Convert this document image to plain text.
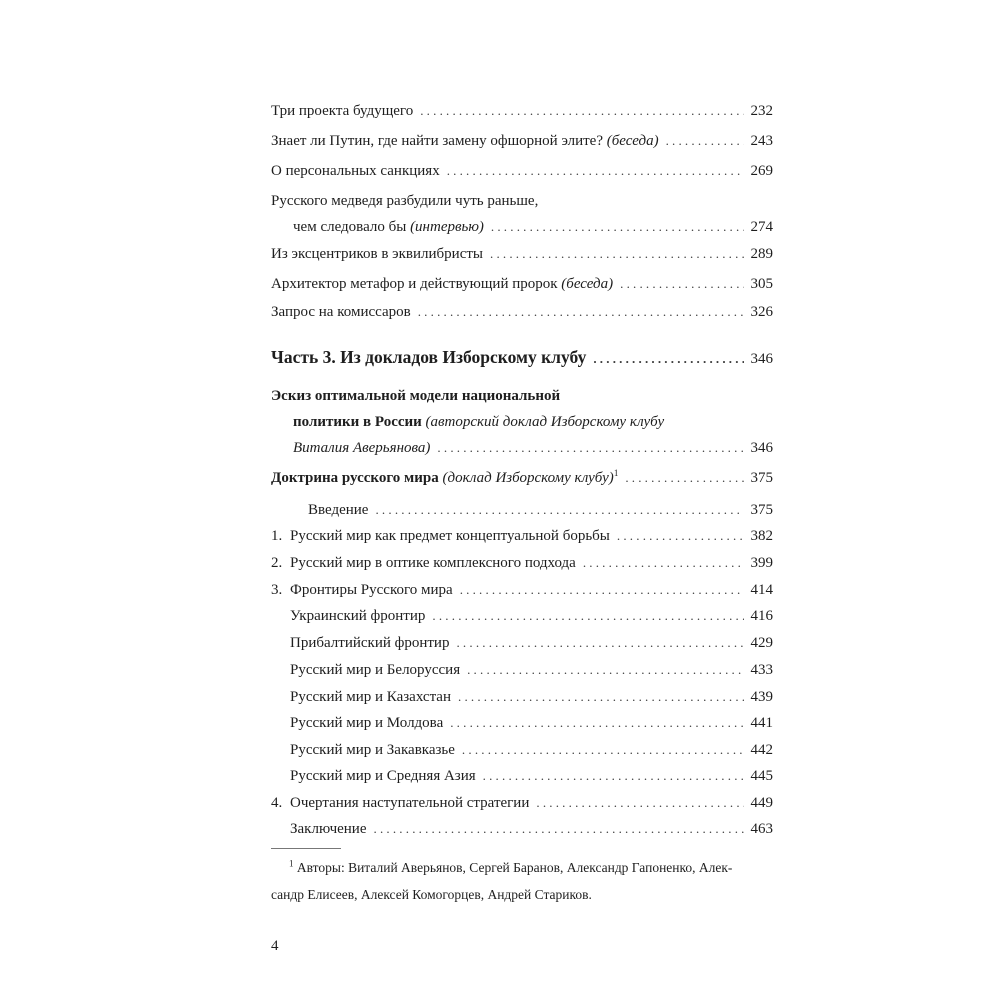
Три проекта будущего .....	232
Знает ли Путин, где найти замену офшорной элите? (беседа) .....	243
О персональных санкциях .....	269
Русского медведя разбудили чуть раньше,
чем следовало бы (интервью) .....	274
Из эксцентриков в эквилибристы .....	289
Архитектор метафор и действующий пророк (беседа) .....	305
Запрос на комиссаров .....	326
Часть 3. Из докладов Изборскому клубу .....	346
Эскиз оптимальной модели национальной
политики в России (авторский доклад Изборскому клубу
Виталия Аверьянова) .....	346
Доктрина русского мира (доклад Изборскому клубу)$^1$ .....	375
Введение .....	375
1. Русский мир как предмет концептуальной борьбы .....	382
2. Русский мир в оптике комплексного подхода .....	399
3. Фронтиры Русского мира .....	414
Украинский фронтир .....	416
Прибалтийский фронтир .....	429
Русский мир и Белоруссия .....	433
Русский мир и Казахстан .....	439
Русский мир и Молдова .....	441
Русский мир и Закавказье .....	442
Русский мир и Средняя Азия .....	445
4. Очертания наступательной стратегии .....	449
Заключение .....	463
$^1$ Авторы: Виталий Аверьянов, Сергей Баранов, Александр Гапоненко, Алек-
сандр Елисеев, Алексей Комогорцев, Андрей Стариков.
4
